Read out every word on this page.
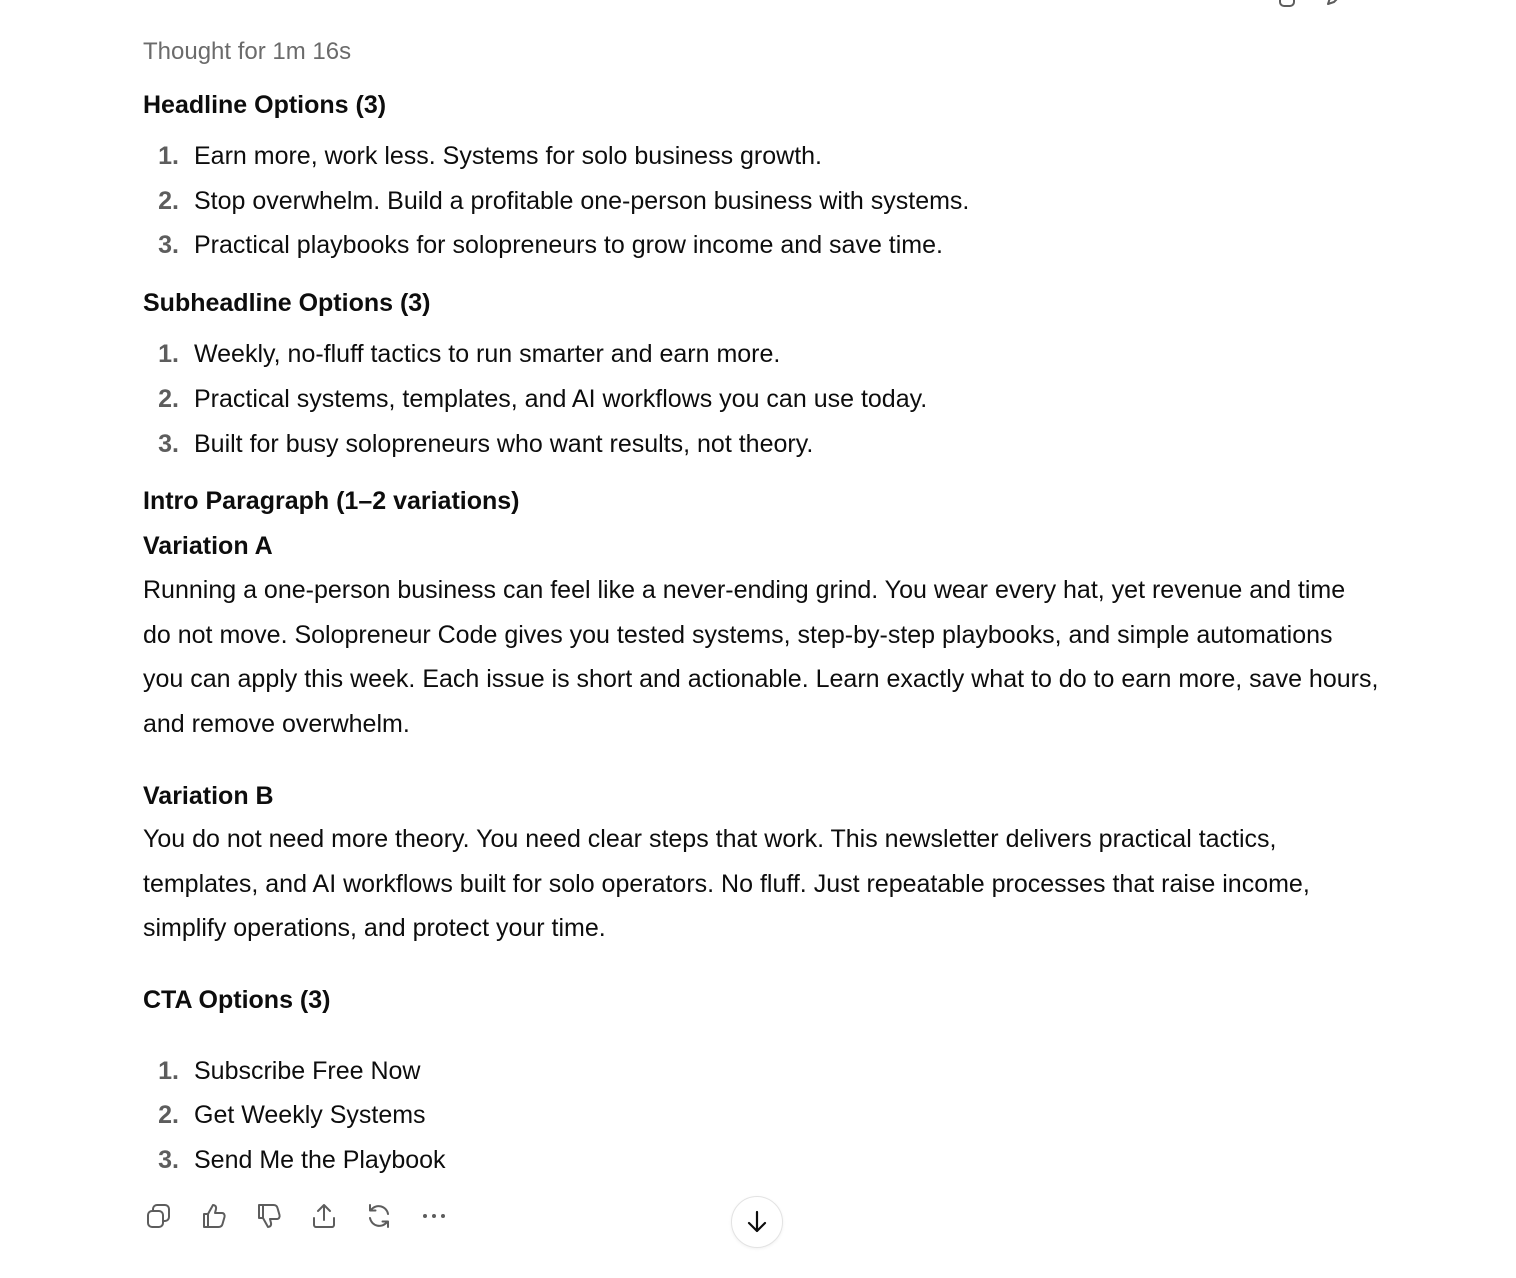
Thought for 1m 16s
Headline Options (3)
1. Earn more, work less. Systems for solo business growth.
2. Stop overwhelm. Build a profitable one-person business with systems.
3. Practical playbooks for solopreneurs to grow income and save time.
Subheadline Options (3)
1. Weekly, no-fluff tactics to run smarter and earn more.
2. Practical systems, templates, and AI workflows you can use today.
3. Built for busy solopreneurs who want results, not theory.
Intro Paragraph (1–2 variations)
Variation A
Running a one-person business can feel like a never-ending grind. You wear every hat, yet revenue and time do not move. Solopreneur Code gives you tested systems, step-by-step playbooks, and simple automations you can apply this week. Each issue is short and actionable. Learn exactly what to do to earn more, save hours, and remove overwhelm.
Variation B
You do not need more theory. You need clear steps that work. This newsletter delivers practical tactics, templates, and AI workflows built for solo operators. No fluff. Just repeatable processes that raise income, simplify operations, and protect your time.
CTA Options (3)
1. Subscribe Free Now
2. Get Weekly Systems
3. Send Me the Playbook
